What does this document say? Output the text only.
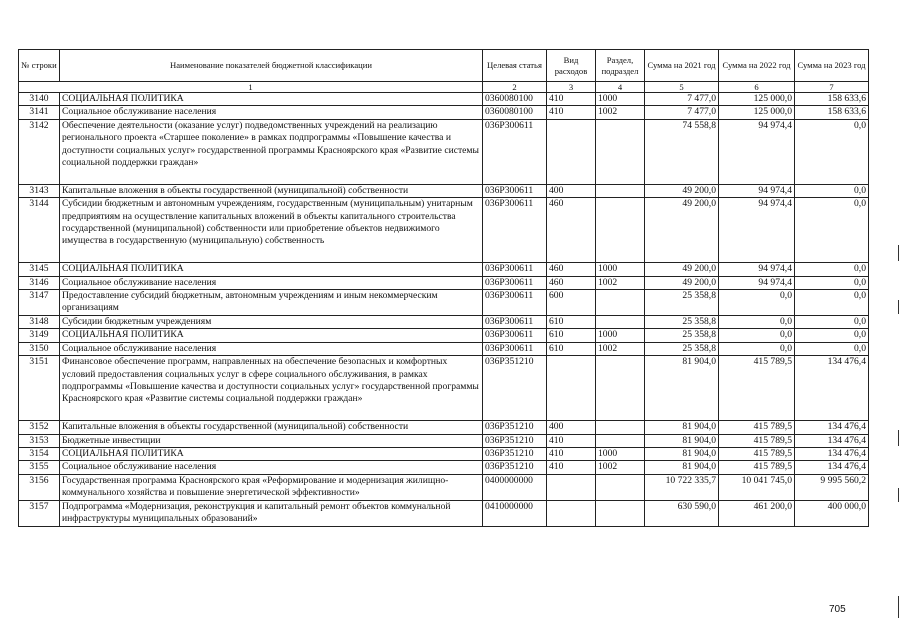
№ строки	Наименование показателей бюджетной классификации	Целевая статья	Вид расходов	Раздел, подраздел	Сумма на 2021 год	Сумма на 2022 год	Сумма на 2023 год
1		2	3	4	5	6	7
3140	СОЦИАЛЬНАЯ ПОЛИТИКА	0360080100	410	1000	7 477,0	125 000,0	158 633,6
3141	Социальное обслуживание населения	0360080100	410	1002	7 477,0	125 000,0	158 633,6
3142	Обеспечение деятельности (оказание услуг) подведомственных учреждений на реализацию регионального проекта «Старшее поколение» в рамках подпрограммы «Повышение качества и доступности социальных услуг» государственной программы Красноярского края «Развитие системы социальной поддержки граждан»	036P300611			74 558,8	94 974,4	0,0
3143	Капитальные вложения в объекты государственной (муниципальной) собственности	036P300611	400		49 200,0	94 974,4	0,0
3144	Субсидии бюджетным и автономным учреждениям, государственным (муниципальным) унитарным предприятиям на осуществление капитальных вложений в объекты капитального строительства государственной (муниципальной) собственности или приобретение объектов недвижимого имущества в государственную (муниципальную) собственность	036P300611	460		49 200,0	94 974,4	0,0
3145	СОЦИАЛЬНАЯ ПОЛИТИКА	036P300611	460	1000	49 200,0	94 974,4	0,0
3146	Социальное обслуживание населения	036P300611	460	1002	49 200,0	94 974,4	0,0
3147	Предоставление субсидий бюджетным, автономным учреждениям и иным некоммерческим организациям	036P300611	600		25 358,8	0,0	0,0
3148	Субсидии бюджетным учреждениям	036P300611	610		25 358,8	0,0	0,0
3149	СОЦИАЛЬНАЯ ПОЛИТИКА	036P300611	610	1000	25 358,8	0,0	0,0
3150	Социальное обслуживание населения	036P300611	610	1002	25 358,8	0,0	0,0
3151	Финансовое обеспечение программ, направленных на обеспечение безопасных и комфортных условий предоставления социальных услуг в сфере социального обслуживания, в рамках подпрограммы «Повышение качества и доступности социальных услуг» государственной программы Красноярского края «Развитие системы социальной поддержки граждан»	036P351210			81 904,0	415 789,5	134 476,4
3152	Капитальные вложения в объекты государственной (муниципальной) собственности	036P351210	400		81 904,0	415 789,5	134 476,4
3153	Бюджетные инвестиции	036P351210	410		81 904,0	415 789,5	134 476,4
3154	СОЦИАЛЬНАЯ ПОЛИТИКА	036P351210	410	1000	81 904,0	415 789,5	134 476,4
3155	Социальное обслуживание населения	036P351210	410	1002	81 904,0	415 789,5	134 476,4
3156	Государственная программа Красноярского края «Реформирование и модернизация жилищно-коммунального хозяйства и повышение энергетической эффективности»	0400000000			10 722 335,7	10 041 745,0	9 995 560,2
3157	Подпрограмма «Модернизация, реконструкция и капитальный ремонт объектов коммунальной инфраструктуры муниципальных образований»	0410000000			630 590,0	461 200,0	400 000,0
705
